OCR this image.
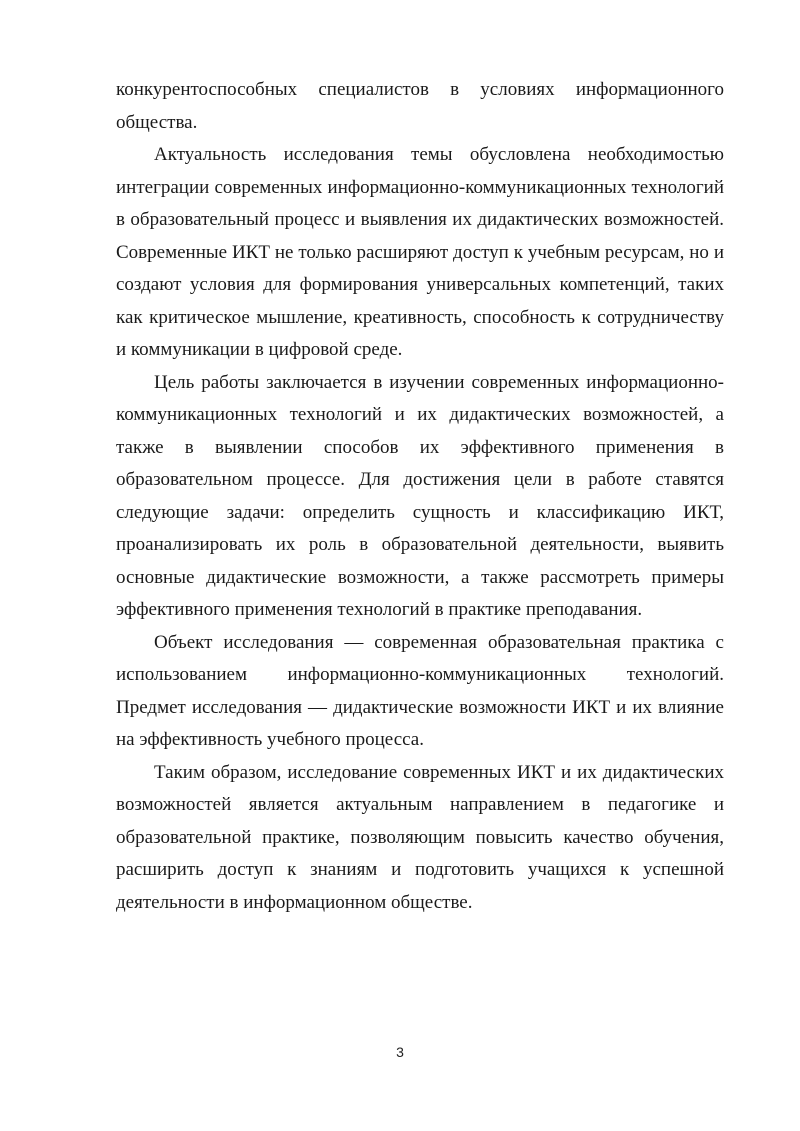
конкурентоспособных специалистов в условиях информационного общества.

Актуальность исследования темы обусловлена необходимостью интеграции современных информационно-коммуникационных технологий в образовательный процесс и выявления их дидактических возможностей. Современные ИКТ не только расширяют доступ к учебным ресурсам, но и создают условия для формирования универсальных компетенций, таких как критическое мышление, креативность, способность к сотрудничеству и коммуникации в цифровой среде.

Цель работы заключается в изучении современных информационно-коммуникационных технологий и их дидактических возможностей, а также в выявлении способов их эффективного применения в образовательном процессе. Для достижения цели в работе ставятся следующие задачи: определить сущность и классификацию ИКТ, проанализировать их роль в образовательной деятельности, выявить основные дидактические возможности, а также рассмотреть примеры эффективного применения технологий в практике преподавания.

Объект исследования — современная образовательная практика с использованием информационно-коммуникационных технологий. Предмет исследования — дидактические возможности ИКТ и их влияние на эффективность учебного процесса.

Таким образом, исследование современных ИКТ и их дидактических возможностей является актуальным направлением в педагогике и образовательной практике, позволяющим повысить качество обучения, расширить доступ к знаниям и подготовить учащихся к успешной деятельности в информационном обществе.

3
